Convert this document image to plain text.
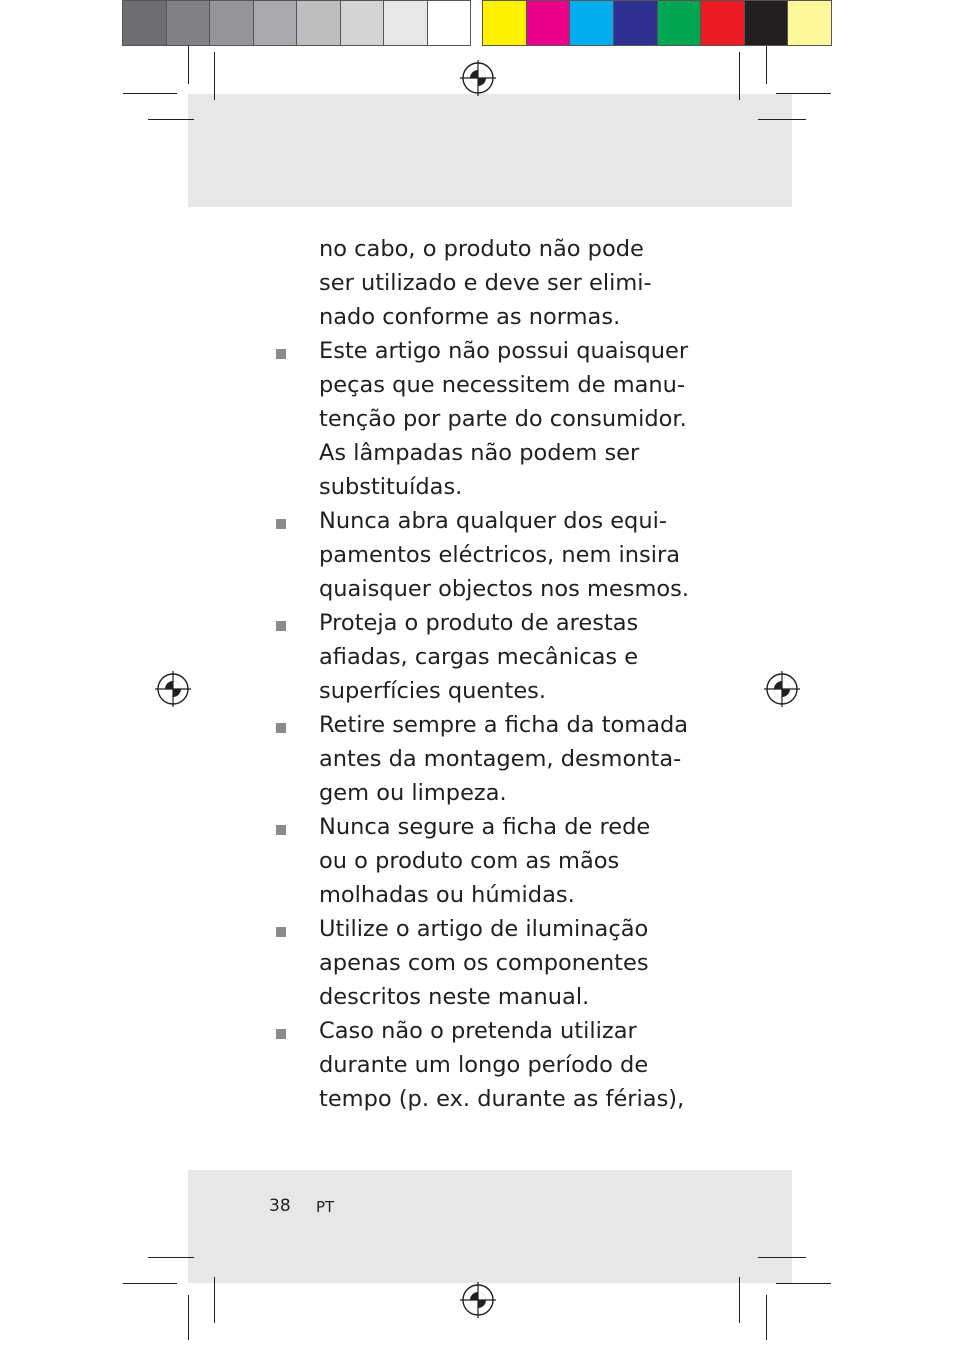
no cabo, o produto não pode
ser utilizado e deve ser elimi-
nado conforme as normas.
Este artigo não possui quaisquer
peças que necessitem de manu-
tenção por parte do consumidor.
As lâmpadas não podem ser
substituídas.
Nunca abra qualquer dos equi-
pamentos eléctricos, nem insira
quaisquer objectos nos mesmos.
Proteja o produto de arestas
afiadas, cargas mecânicas e
superfícies quentes.
Retire sempre a ficha da tomada
antes da montagem, desmonta-
gem ou limpeza.
Nunca segure a ficha de rede
ou o produto com as mãos
molhadas ou húmidas.
Utilize o artigo de iluminação
apenas com os componentes
descritos neste manual.
Caso não o pretenda utilizar
durante um longo período de
tempo (p. ex. durante as férias),
38 PT
